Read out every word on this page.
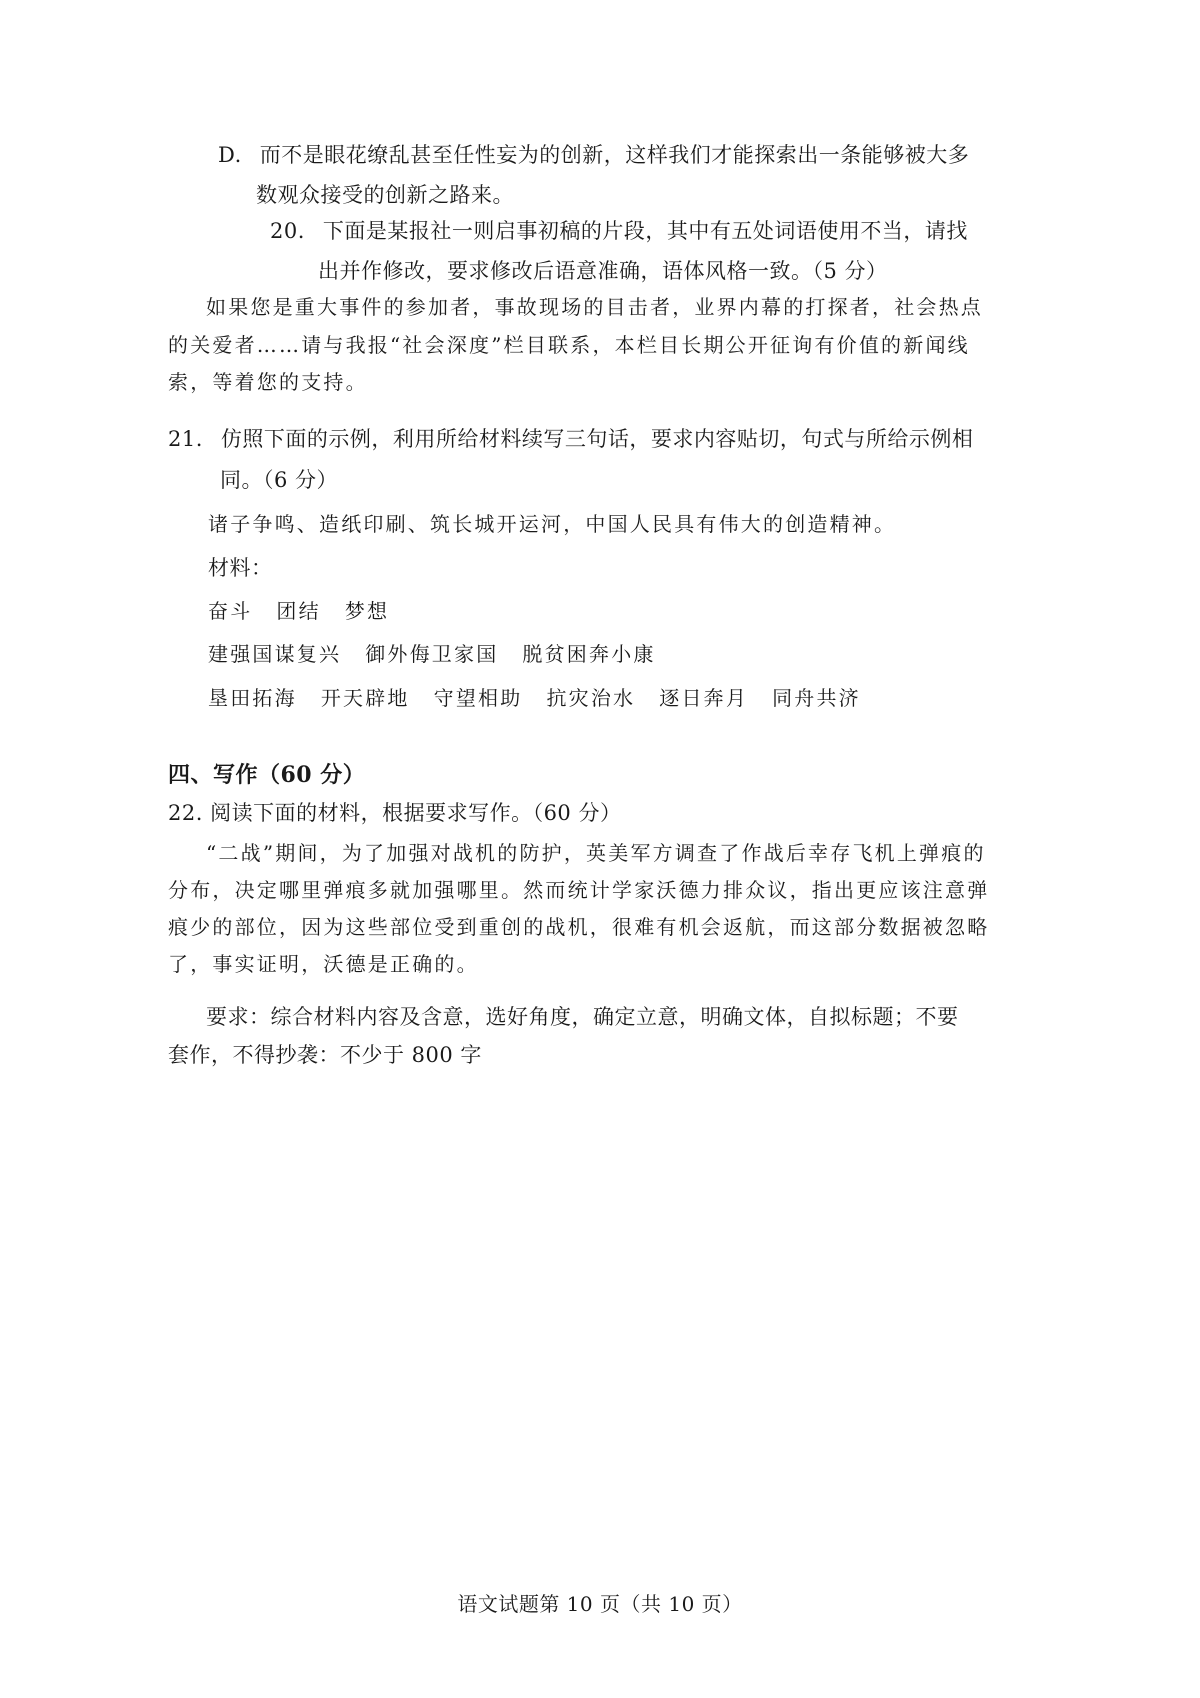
D. 而不是眼花缭乱甚至任性妄为的创新，这样我们才能探索出一条能够被大多
数观众接受的创新之路来。
20. 下面是某报社一则启事初稿的片段，其中有五处词语使用不当，请找
出并作修改，要求修改后语意准确，语体风格一致。（5 分）
如果您是重大事件的参加者，事故现场的目击者，业界内幕的打探者，社会热点
的关爱者……请与我报“社会深度”栏目联系，本栏目长期公开征询有价值的新闻线
索，等着您的支持。
21. 仿照下面的示例，利用所给材料续写三句话，要求内容贴切，句式与所给示例相
同。（6 分）
诸子争鸣、造纸印刷、筑长城开运河，中国人民具有伟大的创造精神。
材料：
奋斗 团结 梦想
建强国谋复兴 御外侮卫家国 脱贫困奔小康
垦田拓海 开天辟地 守望相助 抗灾治水 逐日奔月 同舟共济
四、写作（60 分）
22. 阅读下面的材料，根据要求写作。（60 分）
“二战”期间，为了加强对战机的防护，英美军方调查了作战后幸存飞机上弹痕的
分布，决定哪里弹痕多就加强哪里。然而统计学家沃德力排众议，指出更应该注意弹
痕少的部位，因为这些部位受到重创的战机，很难有机会返航，而这部分数据被忽略
了，事实证明，沃德是正确的。
要求：综合材料内容及含意，选好角度，确定立意，明确文体，自拟标题；不要
套作，不得抄袭：不少于 800 字
语文试题第 10 页（共 10 页）
